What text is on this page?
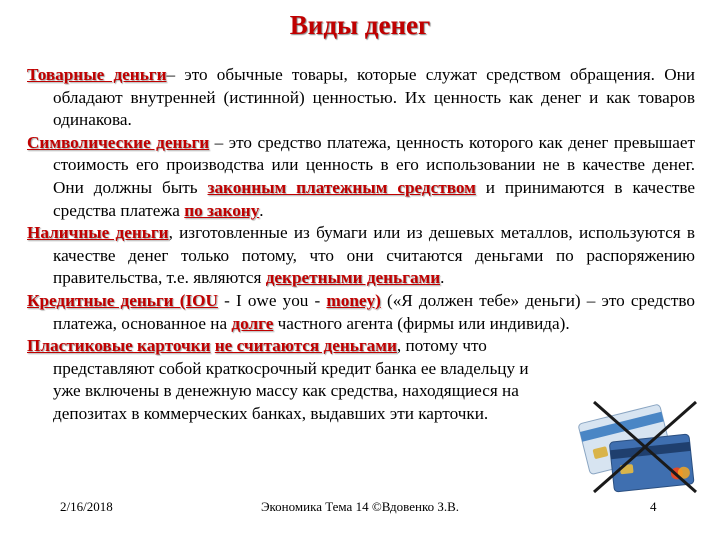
Виды денег

Товарные деньги– это обычные товары, которые служат средством обращения. Они обладают внутренней (истинной) ценностью. Их ценность как денег и как товаров одинакова.

Символические деньги – это средство платежа, ценность которого как денег превышает стоимость его производства или ценность в его использовании не в качестве денег. Они должны быть законным платежным средством и принимаются в качестве средства платежа по закону.

Наличные деньги, изготовленные из бумаги или из дешевых металлов, используются в качестве денег только потому, что они считаются деньгами по распоряжению правительства, т.е. являются декретными деньгами.

Кредитные деньги (IOU - I owe you - money) («Я должен тебе» деньги) – это средство платежа, основанное на долге частного агента (фирмы или индивида).

Пластиковые карточки не считаются деньгами, потому что представляют собой краткосрочный кредит банка ее владельцу и уже включены в денежную массу как средства, находящиеся на депозитах в коммерческих банках, выдавших эти карточки.

2/16/2018	Экономика Тема 14 ©Вдовенко З.В.	4
